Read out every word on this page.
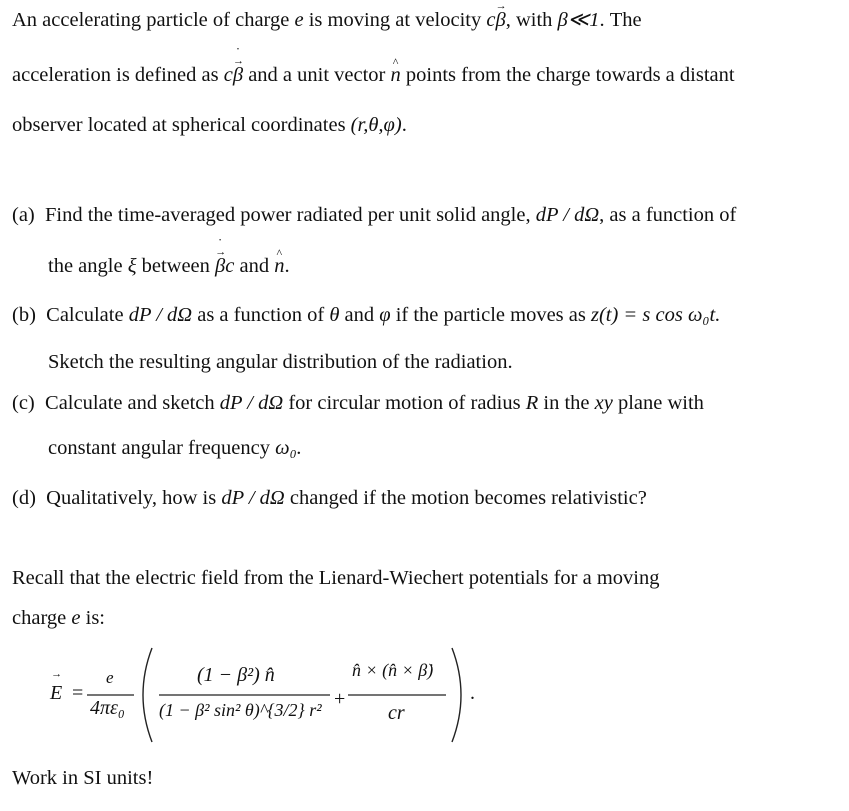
An accelerating particle of charge e is moving at velocity c→ β, with β≪1. The
acceleration is defined as c→ β ˙ and a unit vector ^ n points from the charge towards a distant
observer located at spherical coordinates (r,θ,φ).
(a) Find the time-averaged power radiated per unit solid angle, dP / dΩ, as a function of
the angle ξ between → β ˙c and ^ n.
(b) Calculate dP / dΩ as a function of θ and φ if the particle moves as z(t) = s cos ω₀t.
Sketch the resulting angular distribution of the radiation.
(c) Calculate and sketch dP / dΩ for circular motion of radius R in the xy plane with
constant angular frequency ω₀.
(d) Qualitatively, how is dP / dΩ changed if the motion becomes relativistic?
Recall that the electric field from the Lienard-Wiechert potentials for a moving
charge e is:
→ E =
e
4πε₀
(1 − β²) n̂
(1 − β² sin² θ)^{3/2} r² +
n̂ × (n̂ × β̇)
cr
.
Work in SI units!
